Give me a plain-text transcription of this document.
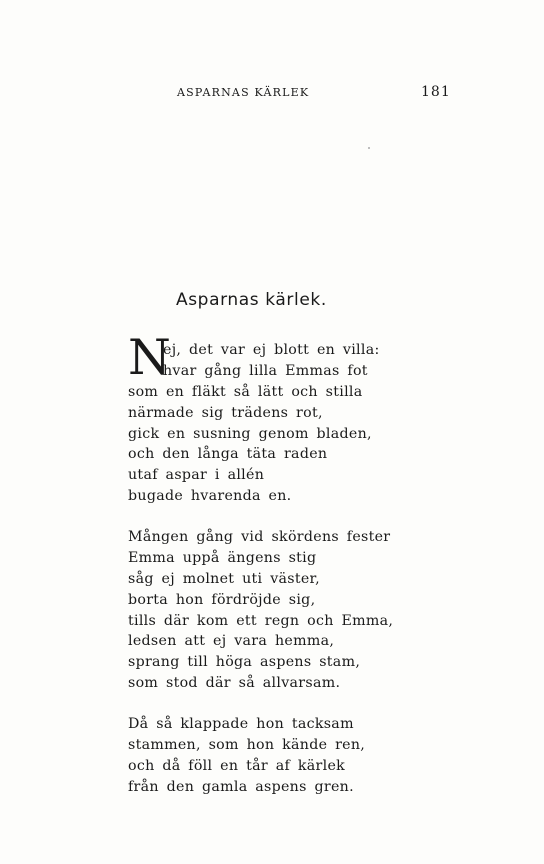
ASPARNAS KÄRLEK	181
Asparnas kärlek.
N
ej, det var ej blott en villa:
hvar gång lilla Emmas fot
som en fläkt så lätt och stilla
närmade sig trädens rot,
gick en susning genom bladen,
och den långa täta raden
utaf aspar i allén
bugade hvarenda en.
Mången gång vid skördens fester
Emma uppå ängens stig
såg ej molnet uti väster,
borta hon fördröjde sig,
tills där kom ett regn och Emma,
ledsen att ej vara hemma,
sprang till höga aspens stam,
som stod där så allvarsam.
Då så klappade hon tacksam
stammen, som hon kände ren,
och då föll en tår af kärlek
från den gamla aspens gren.
